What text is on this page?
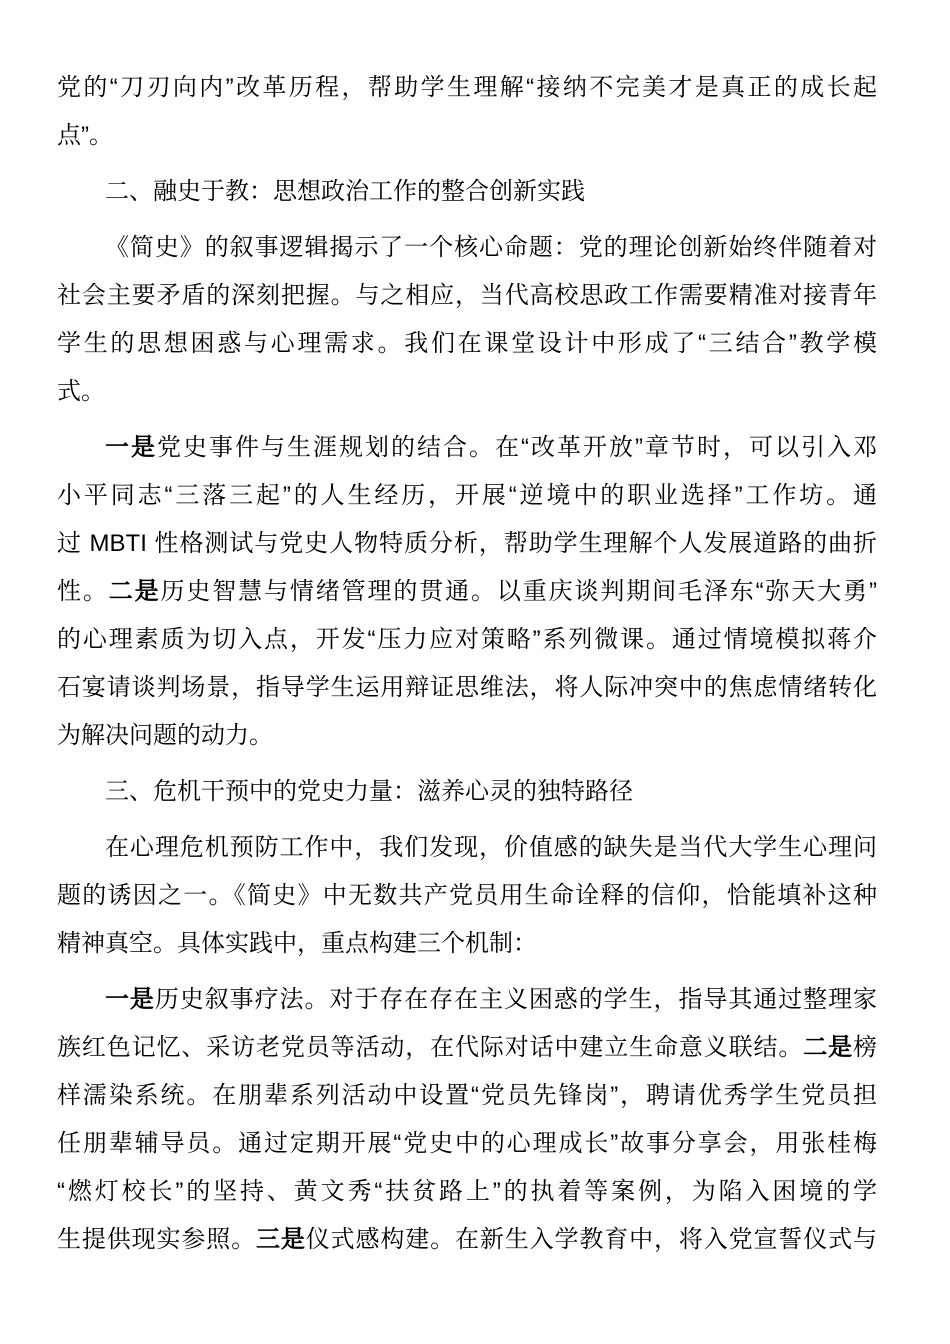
党的“刀刃向内”改革历程，帮助学生理解“接纳不完美才是真正的成长起
点”。
二、融史于教：思想政治工作的整合创新实践
《简史》的叙事逻辑揭示了一个核心命题：党的理论创新始终伴随着对
社会主要矛盾的深刻把握。与之相应，当代高校思政工作需要精准对接青年
学生的思想困惑与心理需求。我们在课堂设计中形成了“三结合”教学模
式。
一是党史事件与生涯规划的结合。在“改革开放”章节时，可以引入邓
小平同志“三落三起”的人生经历，开展“逆境中的职业选择”工作坊。通
过 MBTI 性格测试与党史人物特质分析，帮助学生理解个人发展道路的曲折
性。二是历史智慧与情绪管理的贯通。以重庆谈判期间毛泽东“弥天大勇”
的心理素质为切入点，开发“压力应对策略”系列微课。通过情境模拟蒋介
石宴请谈判场景，指导学生运用辩证思维法，将人际冲突中的焦虑情绪转化
为解决问题的动力。
三、危机干预中的党史力量：滋养心灵的独特路径
在心理危机预防工作中，我们发现，价值感的缺失是当代大学生心理问
题的诱因之一。《简史》中无数共产党员用生命诠释的信仰，恰能填补这种
精神真空。具体实践中，重点构建三个机制：
一是历史叙事疗法。对于存在存在主义困惑的学生，指导其通过整理家
族红色记忆、采访老党员等活动，在代际对话中建立生命意义联结。二是榜
样濡染系统。在朋辈系列活动中设置“党员先锋岗”，聘请优秀学生党员担
任朋辈辅导员。通过定期开展“党史中的心理成长”故事分享会，用张桂梅
“燃灯校长”的坚持、黄文秀“扶贫路上”的执着等案例，为陷入困境的学
生提供现实参照。三是仪式感构建。在新生入学教育中，将入党宣誓仪式与
